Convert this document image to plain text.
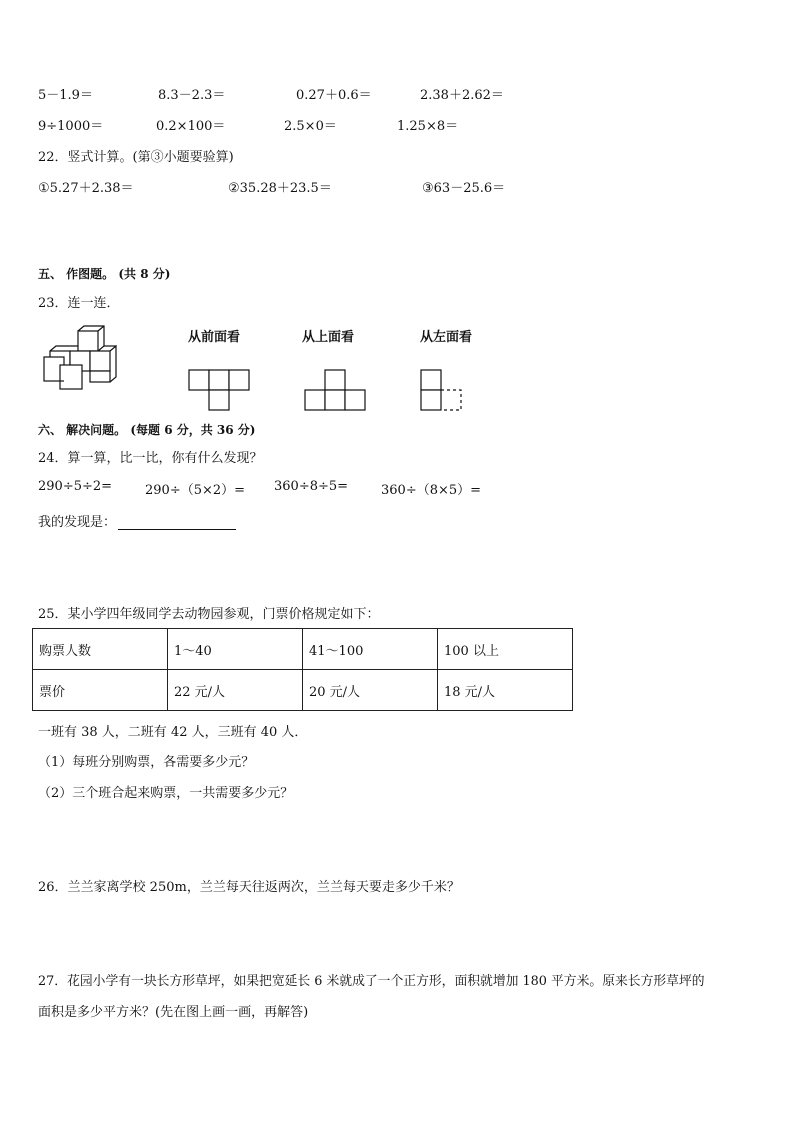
5－1.9＝	8.3－2.3＝	0.27＋0.6＝	2.38＋2.62＝
9÷1000＝	0.2×100＝	2.5×0＝	1.25×8＝
22．竖式计算。(第③小题要验算)
①5.27＋2.38＝	②35.28＋23.5＝	③63－25.6＝
五、 作图题。 (共 8 分)
23．连一连．
从前面看	从上面看	从左面看
六、 解决问题。 (每题 6 分，共 36 分)
24．算一算，比一比，你有什么发现？
290÷5÷2=	290÷（5×2）= 360÷8÷5=	360÷（8×5）=
我的发现是：
25．某小学四年级同学去动物园参观，门票价格规定如下：
购票人数	1～40	41～100	100 以上
票价	22 元/人	20 元/人	18 元/人
一班有 38 人，二班有 42 人，三班有 40 人．
（1）每班分别购票，各需要多少元？
（2）三个班合起来购票，一共需要多少元？
26．兰兰家离学校 250m，兰兰每天往返两次，兰兰每天要走多少千米？
27．花园小学有一块长方形草坪，如果把宽延长 6 米就成了一个正方形，面积就增加 180 平方米。原来长方形草坪的
面积是多少平方米？(先在图上画一画，再解答)
